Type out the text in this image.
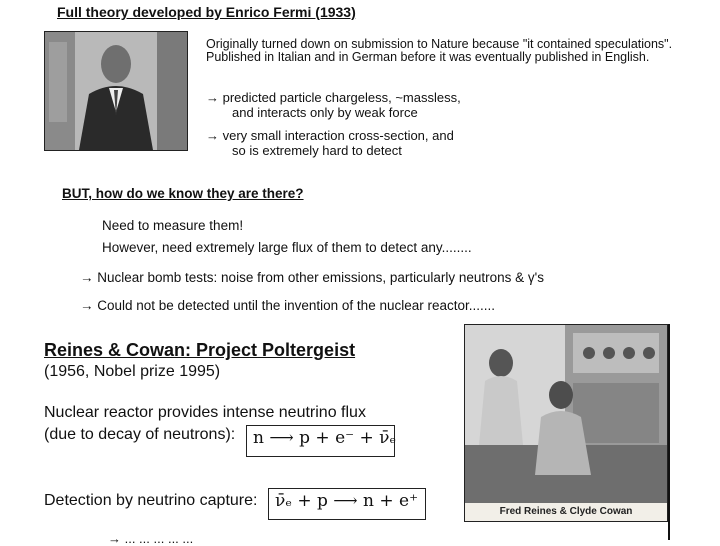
Full theory developed by Enrico Fermi (1933)
Originally turned down on submission to Nature because "it contained speculations". Published in Italian and in German before it was eventually published in English.
→ predicted particle chargeless, ~massless,
and interacts only by weak force
→ very small interaction cross-section, and
so is extremely hard to detect
BUT, how do we know they are there?
Need to measure them!
However, need extremely large flux of them to detect any........
→ Nuclear bomb tests: noise from other emissions, particularly neutrons & γ's
→ Could not be detected until the invention of the nuclear reactor.......
Reines & Cowan: Project Poltergeist
(1956, Nobel prize 1995)
Nuclear reactor provides intense neutrino flux
(due to decay of neutrons):	n ⟶ p + e⁻ + ν̄ₑ
Detection by neutrino capture:	ν̄ₑ + p ⟶ n + e⁺
→ ... ... ... ... ...
Fred Reines & Clyde Cowan
